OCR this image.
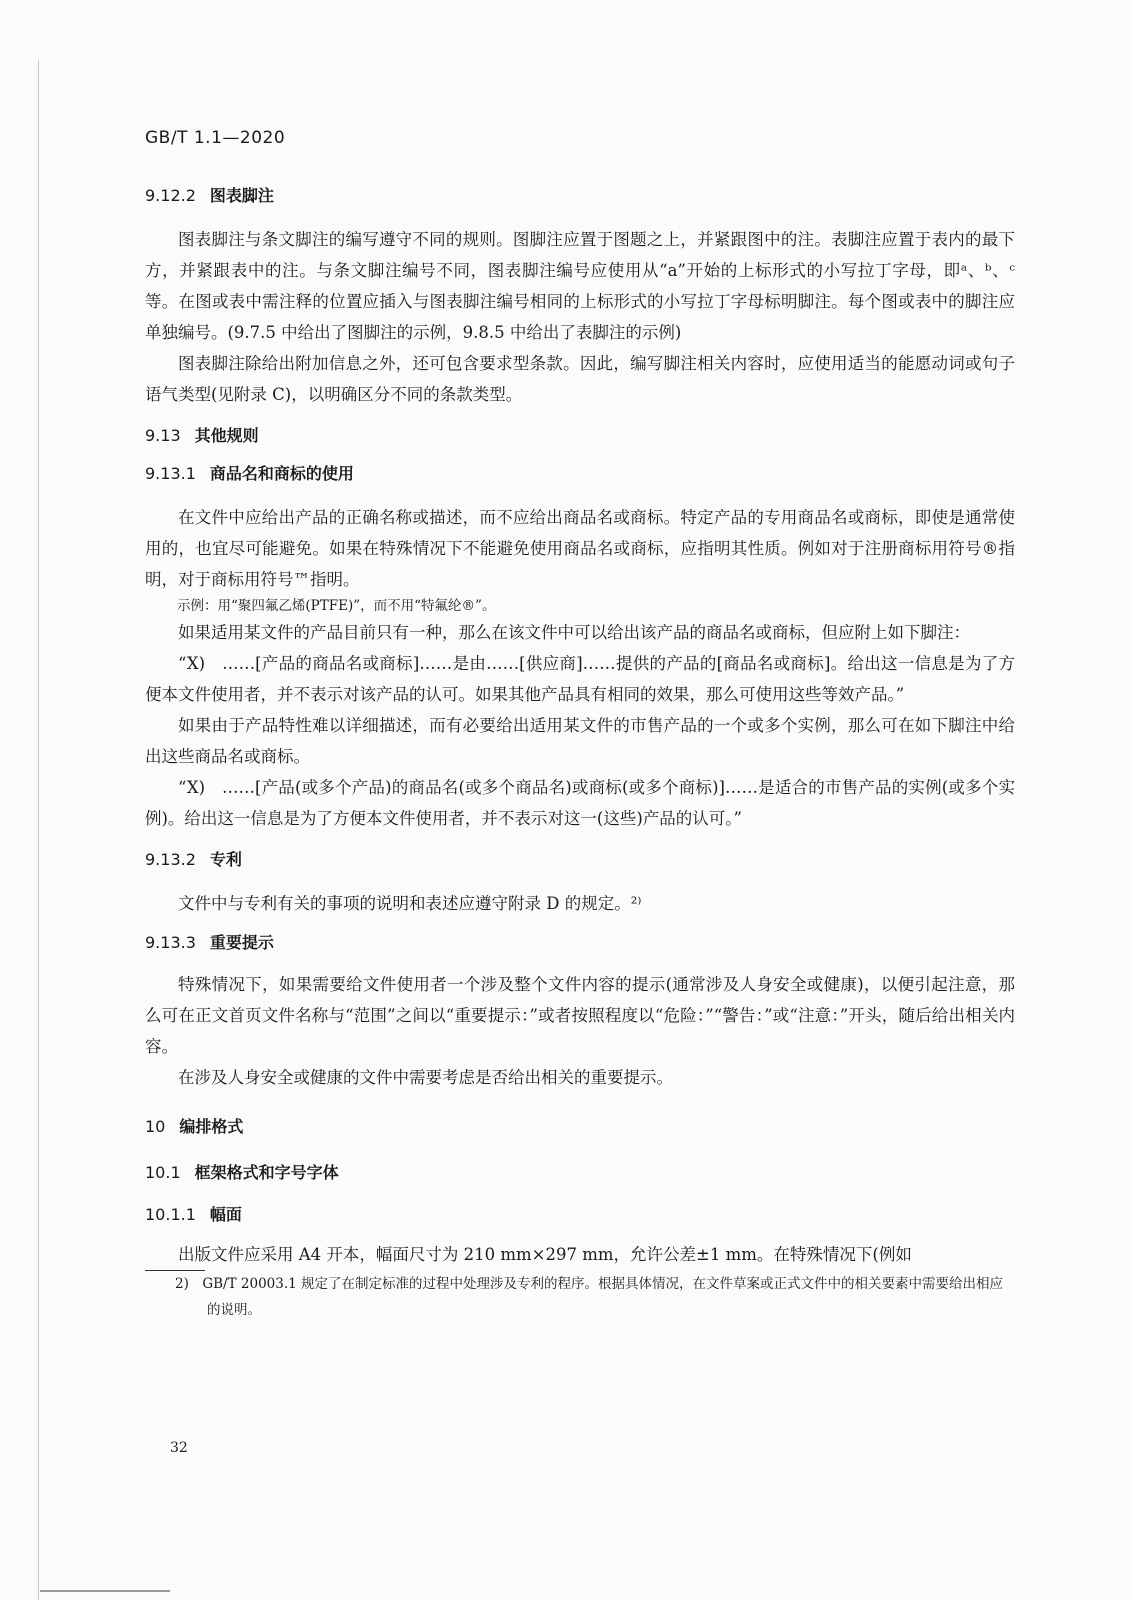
GB/T 1.1—2020
9.12.2 图表脚注
图表脚注与条文脚注的编写遵守不同的规则。图脚注应置于图题之上，并紧跟图中的注。表脚注应置于表内的最下方，并紧跟表中的注。与条文脚注编号不同，图表脚注编号应使用从“a”开始的上标形式的小写拉丁字母，即ᵃ、ᵇ、ᶜ等。在图或表中需注释的位置应插入与图表脚注编号相同的上标形式的小写拉丁字母标明脚注。每个图或表中的脚注应单独编号。(9.7.5 中给出了图脚注的示例，9.8.5 中给出了表脚注的示例)
图表脚注除给出附加信息之外，还可包含要求型条款。因此，编写脚注相关内容时，应使用适当的能愿动词或句子语气类型(见附录 C)，以明确区分不同的条款类型。
9.13 其他规则
9.13.1 商品名和商标的使用
在文件中应给出产品的正确名称或描述，而不应给出商品名或商标。特定产品的专用商品名或商标，即使是通常使用的，也宜尽可能避免。如果在特殊情况下不能避免使用商品名或商标，应指明其性质。例如对于注册商标用符号®指明，对于商标用符号™指明。
示例：用“聚四氟乙烯(PTFE)”，而不用“特氟纶®”。
如果适用某文件的产品目前只有一种，那么在该文件中可以给出该产品的商品名或商标，但应附上如下脚注：
“X)　……[产品的商品名或商标]……是由……[供应商]……提供的产品的[商品名或商标]。给出这一信息是为了方便本文件使用者，并不表示对该产品的认可。如果其他产品具有相同的效果，那么可使用这些等效产品。”
如果由于产品特性难以详细描述，而有必要给出适用某文件的市售产品的一个或多个实例，那么可在如下脚注中给出这些商品名或商标。
“X)　……[产品(或多个产品)的商品名(或多个商品名)或商标(或多个商标)]……是适合的市售产品的实例(或多个实例)。给出这一信息是为了方便本文件使用者，并不表示对这一(这些)产品的认可。”
9.13.2 专利
文件中与专利有关的事项的说明和表述应遵守附录 D 的规定。²⁾
9.13.3 重要提示
特殊情况下，如果需要给文件使用者一个涉及整个文件内容的提示(通常涉及人身安全或健康)，以便引起注意，那么可在正文首页文件名称与“范围”之间以“重要提示：”或者按照程度以“危险：”“警告：”或“注意：”开头，随后给出相关内容。
在涉及人身安全或健康的文件中需要考虑是否给出相关的重要提示。
10 编排格式
10.1 框架格式和字号字体
10.1.1 幅面
出版文件应采用 A4 开本，幅面尺寸为 210 mm×297 mm，允许公差±1 mm。在特殊情况下(例如
2)　GB/T 20003.1 规定了在制定标准的过程中处理涉及专利的程序。根据具体情况，在文件草案或正式文件中的相关要素中需要给出相应的说明。
32
